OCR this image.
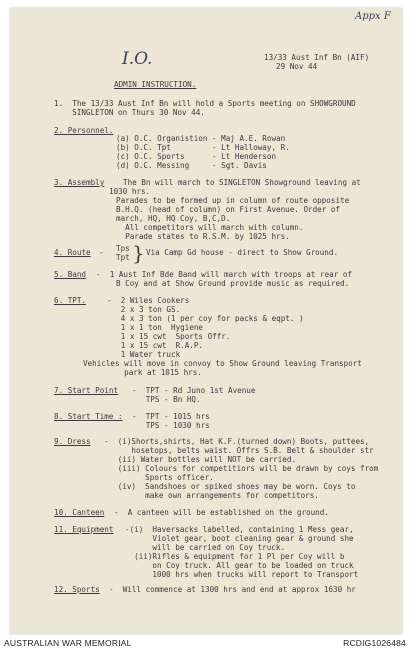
Appx F
I.O.	13/33 Aust Inf Bn (AIF)
29 Nov 44
ADMIN INSTRUCTION.
1.  The 13/33 Aust Inf Bn will hold a Sports meeting on SHOWGROUND
SINGLETON on Thurs 30 Nov 44.
2. Personnel.
(a) O.C. Organistion - Maj A.E. Rowan
(b) O.C. Tpt         - Lt Halloway, R.
(c) O.C. Sports      - Lt Henderson
(d) O.C. Messing     - Sgt. Davis
3. Assembly The Bn will march to SINGLETON Showground leaving at
1030 hrs.
Parades to be formed up in column of route opposite
B.H.Q. (head of column) on First Avenue. Order of
march, HQ, HQ Coy, B,C,D.
All competitors will march with column.
Parade states to R.S.M. by 1025 hrs.
4. Route - Tps
Tpt } Via Camp Gd house - direct to Show Ground.
5. Band -  1 Aust Inf Bde Band will march with troops at rear of
B Coy and at Show Ground provide music as required.
6. TPT.	-  2 Wiles Cookers
2 x 3 ton GS.
4 x 3 ton (1 per coy for packs & eqpt. )
1 x 1 ton  Hygiene
1 x 15 cwt  Sports Offr.
1 x 15 cwt  R.A.P.
1 Water truck
Vehicles will move in convoy to Show Ground leaving Transport
park at 1015 hrs.
7. Start Point -  TPT - Rd Juno 1st Avenue
TPS - Bn HQ.
8. Start Time : -  TPT - 1015 hrs
TPS - 1030 hrs
9. Dress -  (i)Shorts,shirts, Hat K.F.(turned down) Boots, puttees,
hosetops, belts waist. Offrs S.B. Belt & shoulder str
(ii) Water bottles will NOT be carried.
(iii) Colours for competitiors will be drawn by coys from
Sports officer.
(iv)  Sandshoes or spiked shoes may be worn. Coys to
make own arrangements for competitors.
10. Canteen -  A canteen will be established on the ground.
11. Equipment -(i)  Haversacks labelled, containing 1 Mess gear,
Violet gear, boot cleaning gear & ground she
will be carried on Coy truck.
(ii)Rifles & equipment for 1 Pl per Coy will b
on Coy truck. All gear to be loaded on truck
1000 hrs when trucks will report to Transport
12. Sports -  Will commence at 1300 hrs and end at approx 1630 hr
AUSTRALIAN WAR MEMORIAL	RCDIG1026484
